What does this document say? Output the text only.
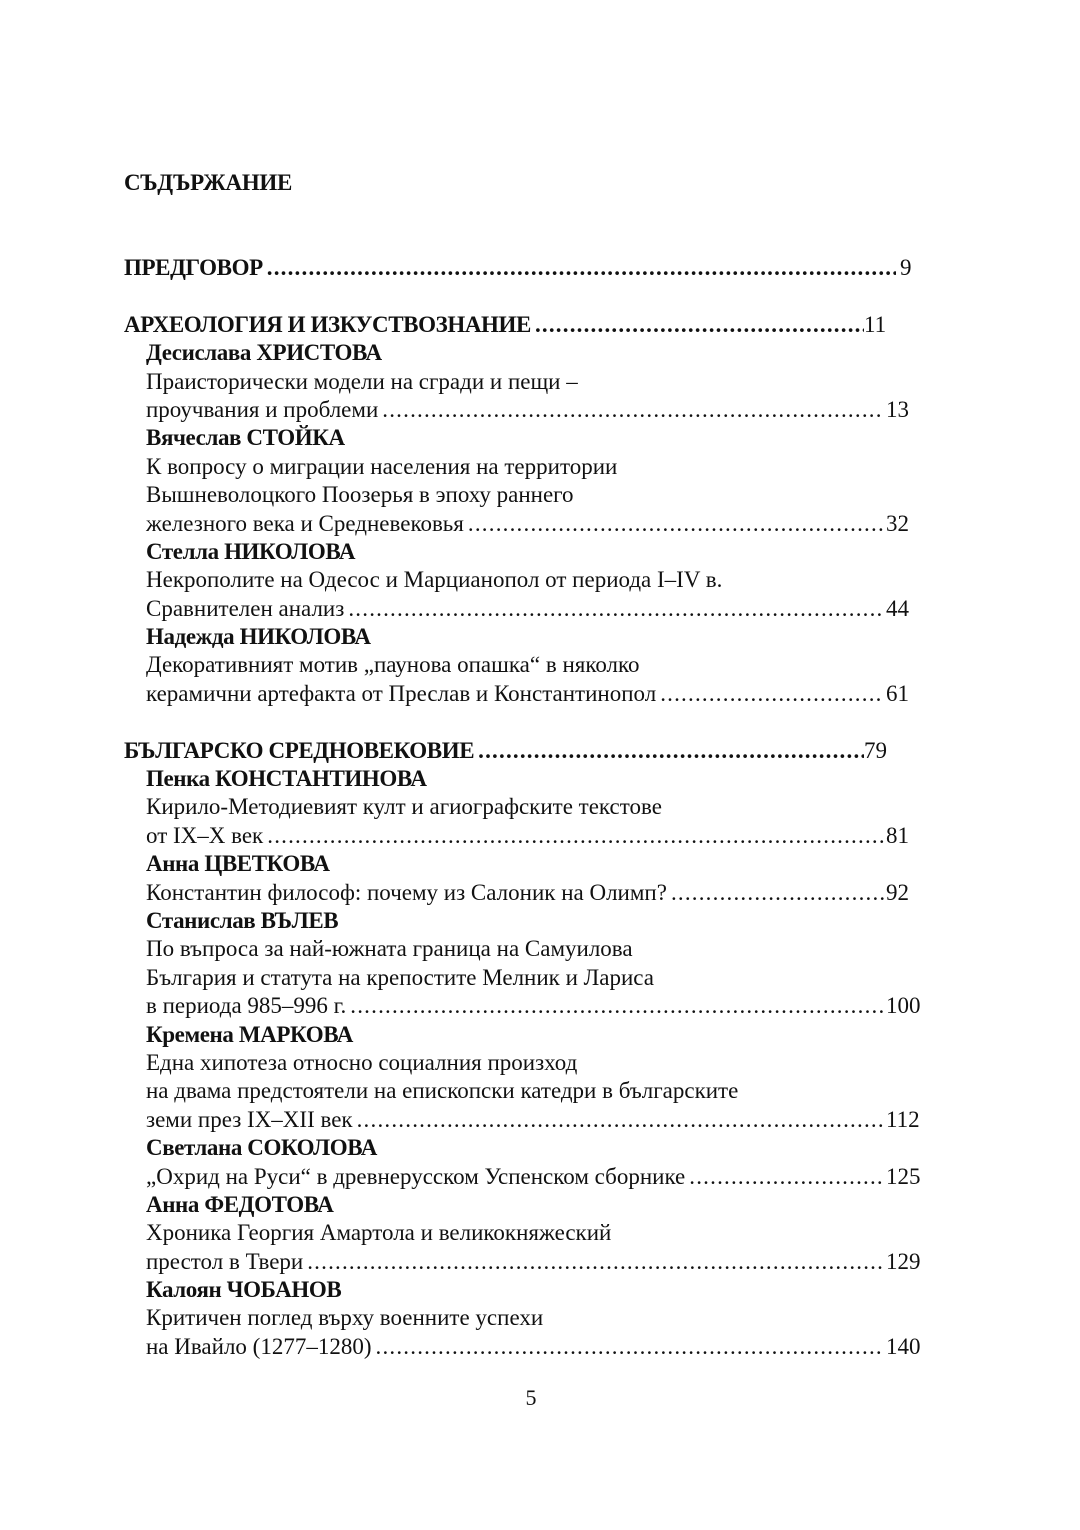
СЪДЪРЖАНИЕ
ПРЕДГОВОР .....	9
АРХЕОЛОГИЯ И ИЗКУСТВОЗНАНИЕ .....	11
Десислава ХРИСТОВА
Праисторически модели на сгради и пещи –
проучвания и проблеми .....	13
Вячеслав СТОЙКА
К вопросу о миграции населения на территории
Вышневолоцкого Поозерья в эпоху раннего
железного века и Средневековья .....	32
Стелла НИКОЛОВА
Некрополите на Одесос и Марцианопол от периода I–IV в.
Сравнителен анализ .....	44
Надежда НИКОЛОВА
Декоративният мотив „паунова опашка“ в няколко
керамични артефакта от Преслав и Константинопол .....	61
БЪЛГАРСКО СРЕДНОВЕКОВИЕ .....	79
Пенка КОНСТАНТИНОВА
Кирило-Методиевият култ и агиографските текстове
от IX–X век .....	81
Анна ЦВЕТКОВА
Константин философ: почему из Салоник на Олимп? .....	92
Станислав ВЪЛЕВ
По въпроса за най-южната граница на Самуилова
България и статута на крепостите Мелник и Лариса
в периода 985–996 г. .....	100
Кремена МАРКОВА
Една хипотеза относно социалния произход
на двама предстоятели на епископски катедри в българските
земи през IX–XII век .....	112
Светлана СОКОЛОВА
„Охрид на Руси“ в древнерусском Успенском сборнике .....	125
Анна ФЕДОТОВА
Хроника Георгия Амартола и великокняжеский
престол в Твери .....	129
Калоян ЧОБАНОВ
Критичен поглед върху военните успехи
на Ивайло (1277–1280) .....	140
5
